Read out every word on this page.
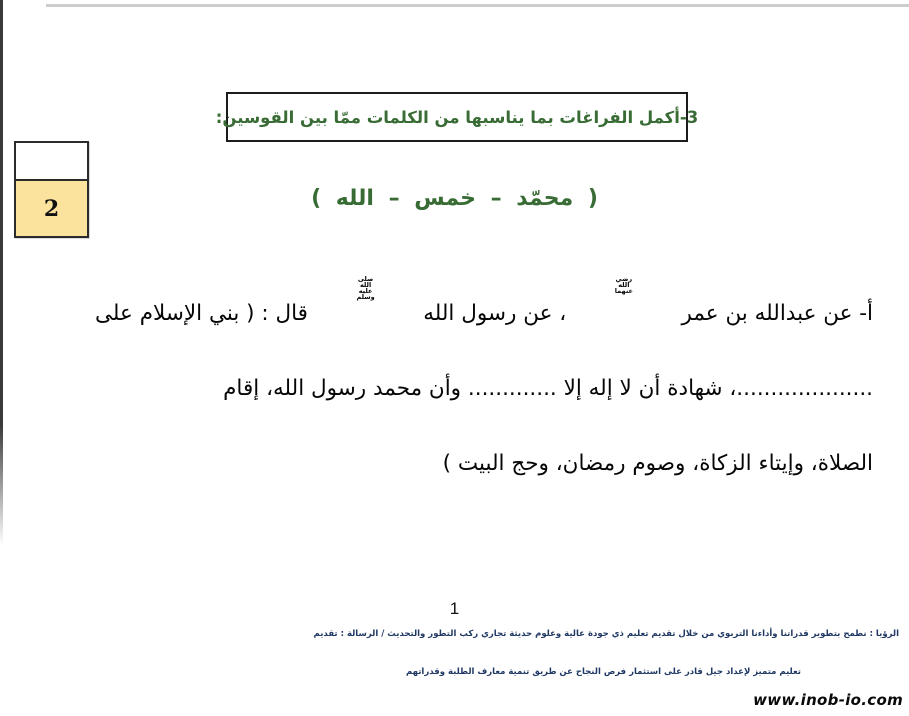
2
3-أكمل الفراغات بما يناسبها من الكلمات ممّا بين القوسين:
( محمّد – خمس – الله )
أ- عن عبدالله بن عمر
رضي الله عنهما
، عن رسول الله
صلى الله عليه وسلم
قال : ( بني الإسلام على
....................، شهادة أن لا إله إلا ............. وأن محمد رسول الله، إقام
الصلاة، وإيتاء الزكاة، وصوم رمضان، وحج البيت )
1
الرؤيا : نطمح بتطوير قدراتنا وأداءنا التربوي من خلال تقديم تعليم ذي جودة عالية وعلوم حديثة تجاري ركب التطور والتحديث / الرسالة : تقديم
تعليم متميز لإعداد جيل قادر على استثمار فرص النجاح عن طريق تنمية معارف الطلبة وقدراتهم
www.inob-io.com
